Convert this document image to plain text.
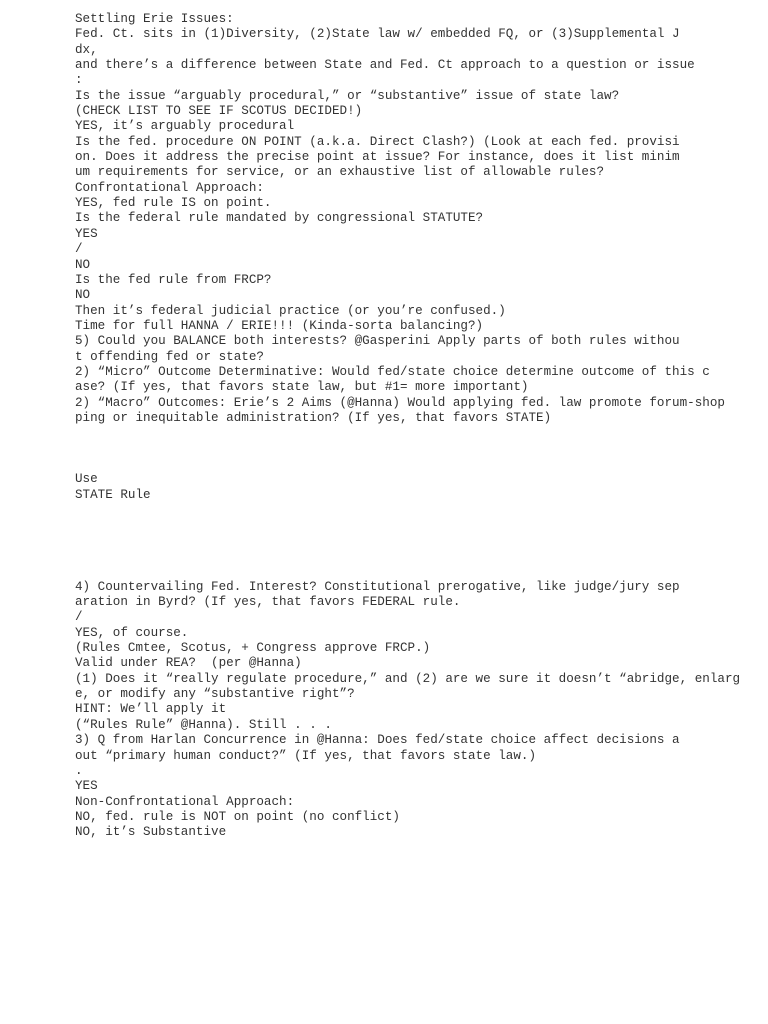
Settling Erie Issues:
Fed. Ct. sits in (1)Diversity, (2)State law w/ embedded FQ, or (3)Supplemental J
dx,
and there’s a difference between State and Fed. Ct approach to a question or issue
:
Is the issue “arguably procedural,” or “substantive” issue of state law?
(CHECK LIST TO SEE IF SCOTUS DECIDED!)
YES, it’s arguably procedural
Is the fed. procedure ON POINT (a.k.a. Direct Clash?) (Look at each fed. provisi
on. Does it address the precise point at issue? For instance, does it list minim
um requirements for service, or an exhaustive list of allowable rules?
Confrontational Approach:
YES, fed rule IS on point.
Is the federal rule mandated by congressional STATUTE?
YES
/
NO
Is the fed rule from FRCP?
NO
Then it’s federal judicial practice (or you’re confused.)
Time for full HANNA / ERIE!!! (Kinda-sorta balancing?)
5) Could you BALANCE both interests? @Gasperini Apply parts of both rules withou
t offending fed or state?
2) “Micro” Outcome Determinative: Would fed/state choice determine outcome of this c
ase? (If yes, that favors state law, but #1= more important)
2) “Macro” Outcomes: Erie’s 2 Aims (@Hanna) Would applying fed. law promote forum-shop
ping or inequitable administration? (If yes, that favors STATE)
Use
STATE Rule
4) Countervailing Fed. Interest? Constitutional prerogative, like judge/jury sep
aration in Byrd? (If yes, that favors FEDERAL rule.
/
YES, of course.
(Rules Cmtee, Scotus, + Congress approve FRCP.)
Valid under REA?  (per @Hanna)
(1) Does it “really regulate procedure,” and (2) are we sure it doesn’t “abridge, enlarg
e, or modify any “substantive right”?
HINT: We’ll apply it
(“Rules Rule” @Hanna). Still . . .
3) Q from Harlan Concurrence in @Hanna: Does fed/state choice affect decisions a
out “primary human conduct?” (If yes, that favors state law.)
.
YES
Non-Confrontational Approach:
NO, fed. rule is NOT on point (no conflict)
NO, it’s Substantive
